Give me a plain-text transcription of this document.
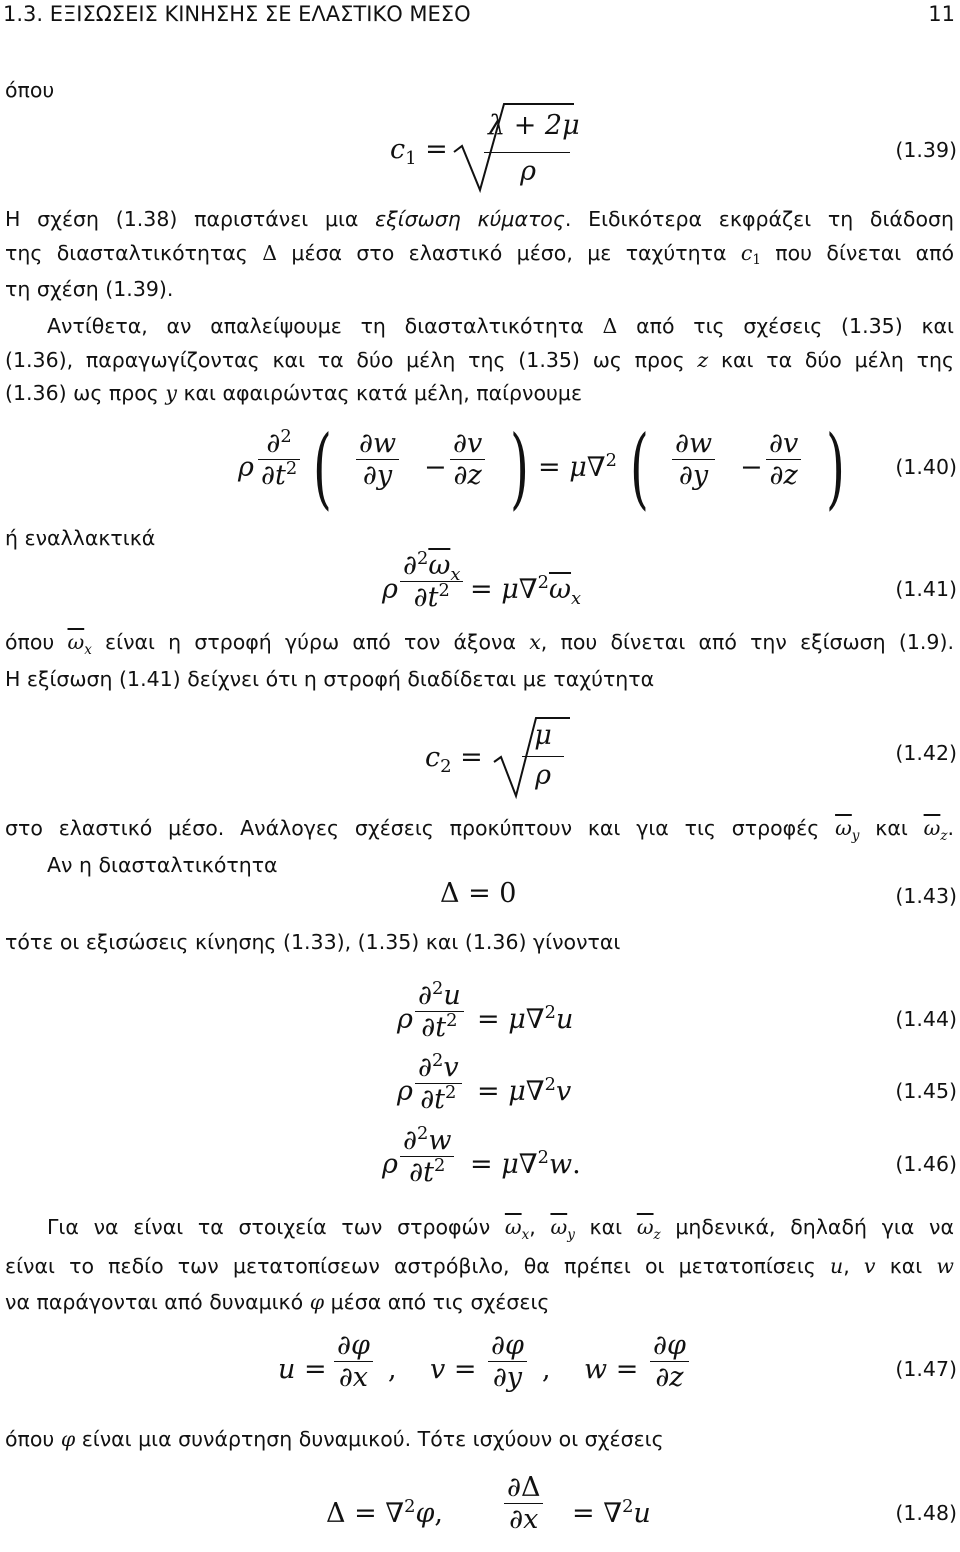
1.3. ΕΞΙΣΩΣΕΙΣ ΚΙΝΗΣΗΣ ΣΕ ΕΛΑΣΤΙΚΟ ΜΕΣΟ	11
όπου
$c_1$ =
λ + 2μ
ρ
(1.39)
Η σχέση (1.38) παριστάνει μια εξίσωση κύματος. Ειδικότερα εκφράζει τη διάδοση
της διασταλτικότητας Δ μέσα στο ελαστικό μέσο, με ταχύτητα $c_1$ που δίνεται από
τη σχέση (1.39).
Αντίθετα, αν απαλείψουμε τη διασταλτικότητα Δ από τις σχέσεις (1.35) και
(1.36), παραγωγίζοντας και τα δύο μέλη της (1.35) ως προς z και τα δύο μέλη της
(1.36) ως προς y και αφαιρώντας κατά μέλη, παίρνουμε
ρ $\frac{\partial^2}{\partial t^2}$ ( $\frac{\partial w}{\partial y} - \frac{\partial v}{\partial z}$ ) = μ∇$^2$ ( $\frac{\partial w}{\partial y} - \frac{\partial v}{\partial z}$ ) (1.40)
ή εναλλακτικά
ρ $\frac{\partial^2\overline{\omega}_x}{\partial t^2} = \mu\nabla^2\overline{\omega}_x$	(1.41)
όπου $\overline{\omega}_x$ είναι η στροφή γύρω από τον άξονα x, που δίνεται από την εξίσωση (1.9).
Η εξίσωση (1.41) δείχνει ότι η στροφή διαδίδεται με ταχύτητα
$c_2$ =
μ
ρ
(1.42)
στο ελαστικό μέσο. Ανάλογες σχέσεις προκύπτουν και για τις στροφές $\overline{\omega}_y$ και $\overline{\omega}_z$.
Αν η διασταλτικότητα
Δ = 0	(1.43)
τότε οι εξισώσεις κίνησης (1.33), (1.35) και (1.36) γίνονται
ρ $\frac{\partial^2u}{\partial t^2} = \mu\nabla^2u$	(1.44)
ρ $\frac{\partial^2v}{\partial t^2} = \mu\nabla^2v$	(1.45)
ρ $\frac{\partial^2w}{\partial t^2} = \mu\nabla^2w$.	(1.46)
Για να είναι τα στοιχεία των στροφών $\overline{\omega}_x$, $\overline{\omega}_y$ και $\overline{\omega}_z$ μηδενικά, δηλαδή για να
είναι το πεδίο των μετατοπίσεων αστρόβιλο, θα πρέπει οι μετατοπίσεις u, v και w
να παράγονται από δυναμικό φ μέσα από τις σχέσεις
$u = \frac{\partial\varphi}{\partial x}$ , $v = \frac{\partial\varphi}{\partial y}$ , $w = \frac{\partial\varphi}{\partial z}$	(1.47)
όπου φ είναι μια συνάρτηση δυναμικού. Τότε ισχύουν οι σχέσεις
Δ = ∇$^2$φ, $\frac{\partial\Delta}{\partial x} = \nabla^2u$	(1.48)
